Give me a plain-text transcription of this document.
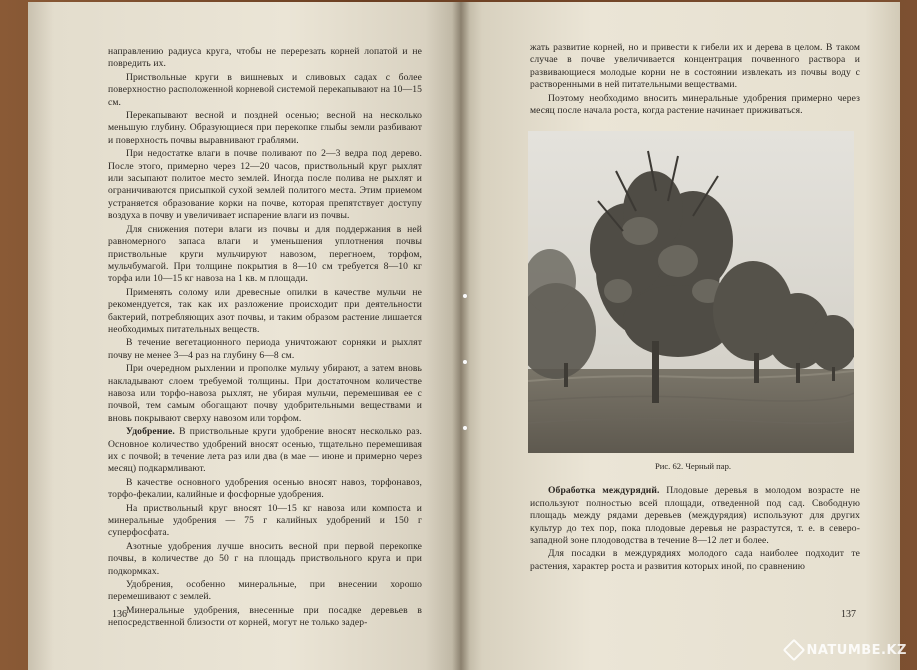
направлению радиуса круга, чтобы не перерезать корней лопатой и не повредить их.

Приствольные круги в вишневых и сливовых садах с более поверхностно расположенной корневой системой перекапывают на 10—15 см.

Перекапывают весной и поздней осенью; весной на несколько меньшую глубину. Образующиеся при перекопке глыбы земли разбивают и поверхность почвы выравнивают граблями.

При недостатке влаги в почве поливают по 2—3 ведра под дерево. После этого, примерно через 12—20 часов, приствольный круг рыхлят или засыпают политое место землей. Иногда после полива не рыхлят и ограничиваются присыпкой сухой землей политого места. Этим приемом устраняется образование корки на почве, которая препятствует доступу воздуха в почву и увеличивает испарение влаги из почвы.

Для снижения потери влаги из почвы и для поддержания в ней равномерного запаса влаги и уменьшения уплотнения почвы приствольные круги мульчируют навозом, перегноем, торфом, мульчбумагой. При толщине покрытия в 8—10 см требуется 8—10 кг торфа или 10—15 кг навоза на 1 кв. м площади.

Применять солому или древесные опилки в качестве мульчи не рекомендуется, так как их разложение происходит при деятельности бактерий, потребляющих азот почвы, и таким образом растение лишается необходимых питательных веществ.

В течение вегетационного периода уничтожают сорняки и рыхлят почву не менее 3—4 раз на глубину 6—8 см.

При очередном рыхлении и прополке мульчу убирают, а затем вновь накладывают слоем требуемой толщины. При достаточном количестве навоза или торфо-навоза рыхлят, не убирая мульчи, перемешивая ее с почвой, тем самым обогащают почву удобрительными веществами и вновь покрывают сверху навозом или торфом.

Удобрение. В приствольные круги удобрение вносят несколько раз. Основное количество удобрений вносят осенью, тщательно перемешивая их с почвой; в течение лета раз или два (в мае — июне и примерно через месяц) подкармливают.

В качестве основного удобрения осенью вносят навоз, торфонавоз, торфо-фекалии, калийные и фосфорные удобрения.

На приствольный круг вносят 10—15 кг навоза или компоста и минеральные удобрения — 75 г калийных удобрений и 150 г суперфосфата.

Азотные удобрения лучше вносить весной при первой перекопке почвы, в количестве до 50 г на площадь приствольного круга и при подкормках.

Удобрения, особенно минеральные, при внесении хорошо перемешивают с землей.

Минеральные удобрения, внесенные при посадке деревьев в непосредственной близости от корней, могут не только задер-

136

жать развитие корней, но и привести к гибели их и дерева в целом. В таком случае в почве увеличивается концентрация почвенного раствора и развивающиеся молодые корни не в состоянии извлекать из почвы воду с растворенными в ней питательными веществами.

Поэтому необходимо вносить минеральные удобрения примерно через месяц после начала роста, когда растение начинает приживаться.

Рис. 62. Черный пар.

Обработка междурядий. Плодовые деревья в молодом возрасте не используют полностью всей площади, отведенной под сад. Свободную площадь между рядами деревьев (междурядия) используют для других культур до тех пор, пока плодовые деревья не разрастутся, т. е. в северо-западной зоне плодоводства в течение 8—12 лет и более.

Для посадки в междурядиях молодого сада наиболее подходит те растения, характер роста и развития которых иной, по сравнению

137
NATUMBE.KZ
